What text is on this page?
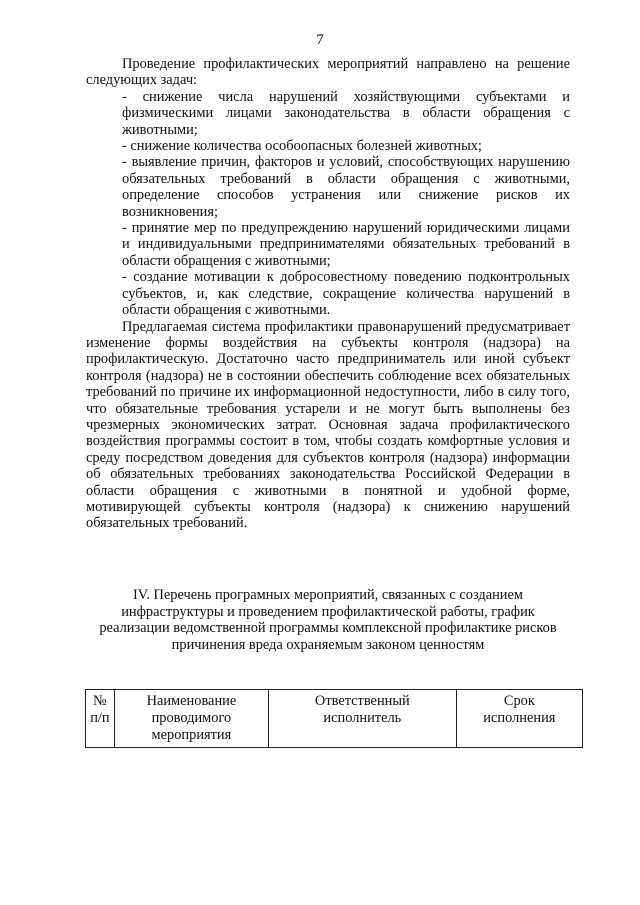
7

Проведение профилактических мероприятий направлено на решение следующих задач:

- снижение числа нарушений хозяйствующими субъектами и физмическими лицами законодательства в области обращения с животными;

- снижение количества особоопасных болезней животных;

- выявление причин, факторов и условий, способствующих нарушению обязательных требований в области обращения с животными, определение способов устранения или снижение рисков их возникновения;

- принятие мер по предупреждению нарушений юридическими лицами и индивидуальными предпринимателями обязательных требований в области обращения с животными;

- создание мотивации к добросовестному поведению подконтрольных субъектов, и, как следствие, сокращение количества нарушений в области обращения с животными.

Предлагаемая система профилактики правонарушений предусматривает изменение формы воздействия на субъекты контроля (надзора) на профилактическую. Достаточно часто предприниматель или иной субъект контроля (надзора) не в состоянии обеспечить соблюдение всех обязательных требований по причине их информационной недоступности, либо в силу того, что обязательные требования устарели и не могут быть выполнены без чрезмерных экономических затрат. Основная задача профилактического воздействия программы состоит в том, чтобы создать комфортные условия и среду посредством доведения для субъектов контроля (надзора) информации об обязательных требованиях законодательства Российской Федерации в области обращения с животными в понятной и удобной форме, мотивирующей субъекты контроля (надзора) к снижению нарушений обязательных требований.

IV. Перечень програмных мероприятий, связанных с созданием
инфраструктуры и проведением профилактической работы, график
реализации ведомственной программы комплексной профилактике рисков
причинения вреда охраняемым законом ценностям
№
п/п

Наименование
проводимого
мероприятия

Ответственный
исполнитель

Срок
исполнения
